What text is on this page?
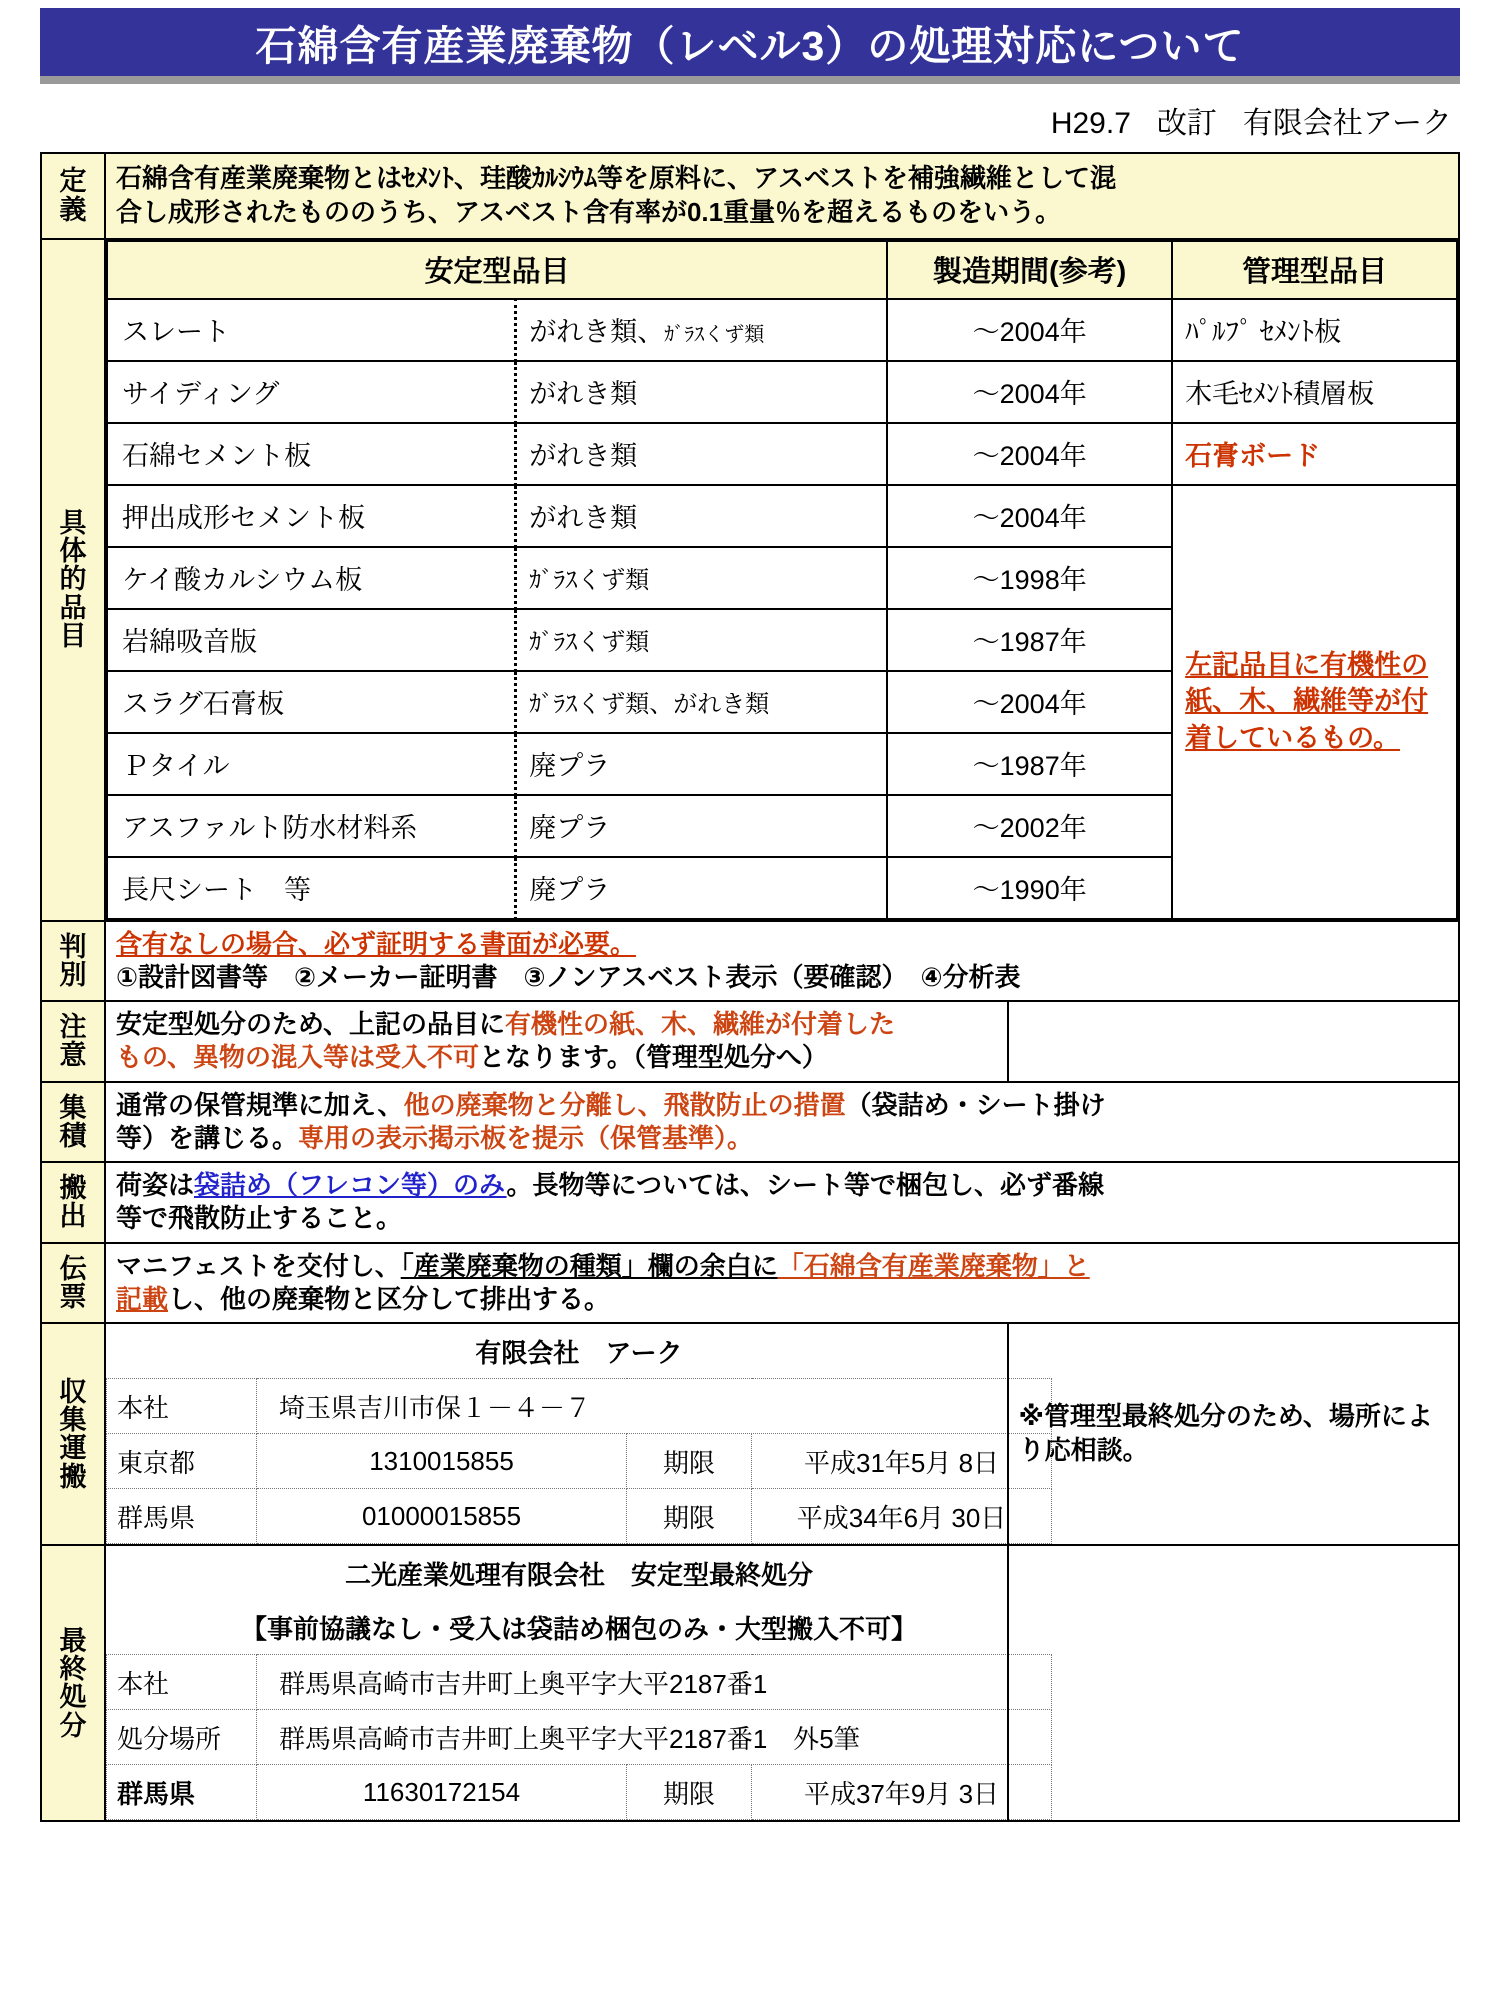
石綿含有産業廃棄物（レベル3）の処理対応について
H29.7 改訂 有限会社アーク
定
義

石綿含有産業廃棄物とはｾﾒﾝﾄ、珪酸ｶﾙｼｳﾑ等を原料に、アスベストを補強繊維として混
合し成形されたもののうち、アスベスト含有率が0.1重量％を超えるものをいう。

具
体
的
品
目

安定型品目	製造期間(参考)	管理型品目
スレート	がれき類、ｶﾞﾗｽくず類	～2004年	ﾊﾟﾙﾌﾟ ｾﾒﾝﾄ板
サイディング	がれき類	～2004年	木毛ｾﾒﾝﾄ積層板
石綿セメント板	がれき類	～2004年	石膏ボード
押出成形セメント板	がれき類	～2004年	左記品目に有機性の紙、木、繊維等が付着しているもの。
ケイ酸カルシウム板	ｶﾞﾗｽくず類	～1998年
岩綿吸音版	ｶﾞﾗｽくず類	～1987年
スラグ石膏板	ｶﾞﾗｽくず類、がれき類	～2004年
Ｐタイル	廃プラ	～1987年
アスファルト防水材料系	廃プラ	～2002年
長尺シート　等	廃プラ	～1990年

判
別

含有なしの場合、必ず証明する書面が必要。
①設計図書等　②メーカー証明書　③ノンアスベスト表示（要確認）　④分析表

注
意

安定型処分のため、上記の品目に有機性の紙、木、繊維が付着した
もの、異物の混入等は受入不可となります。（管理型処分へ）

集
積

通常の保管規準に加え、他の廃棄物と分離し、飛散防止の措置（袋詰め・シート掛け
等）を講じる。専用の表示掲示板を提示（保管基準）。

搬
出

荷姿は袋詰め（フレコン等）のみ。長物等については、シート等で梱包し、必ず番線
等で飛散防止すること。

伝
票

マニフェストを交付し、「産業廃棄物の種類」欄の余白に「石綿含有産業廃棄物」と
記載し、他の廃棄物と区分して排出する。

収
集
運
搬

有限会社　アーク
本社	埼玉県吉川市保１－４－７
東京都	1310015855	期限	平成31年5月 8日
群馬県	01000015855	期限	平成34年6月 30日
	※管理型最終処分のため、場所により応相談。

最
終
処
分

二光産業処理有限会社　安定型最終処分
【事前協議なし・受入は袋詰め梱包のみ・大型搬入不可】
本社	群馬県高崎市吉井町上奥平字大平2187番1
処分場所	群馬県高崎市吉井町上奥平字大平2187番1　外5筆
群馬県	11630172154	期限	平成37年9月 3日
